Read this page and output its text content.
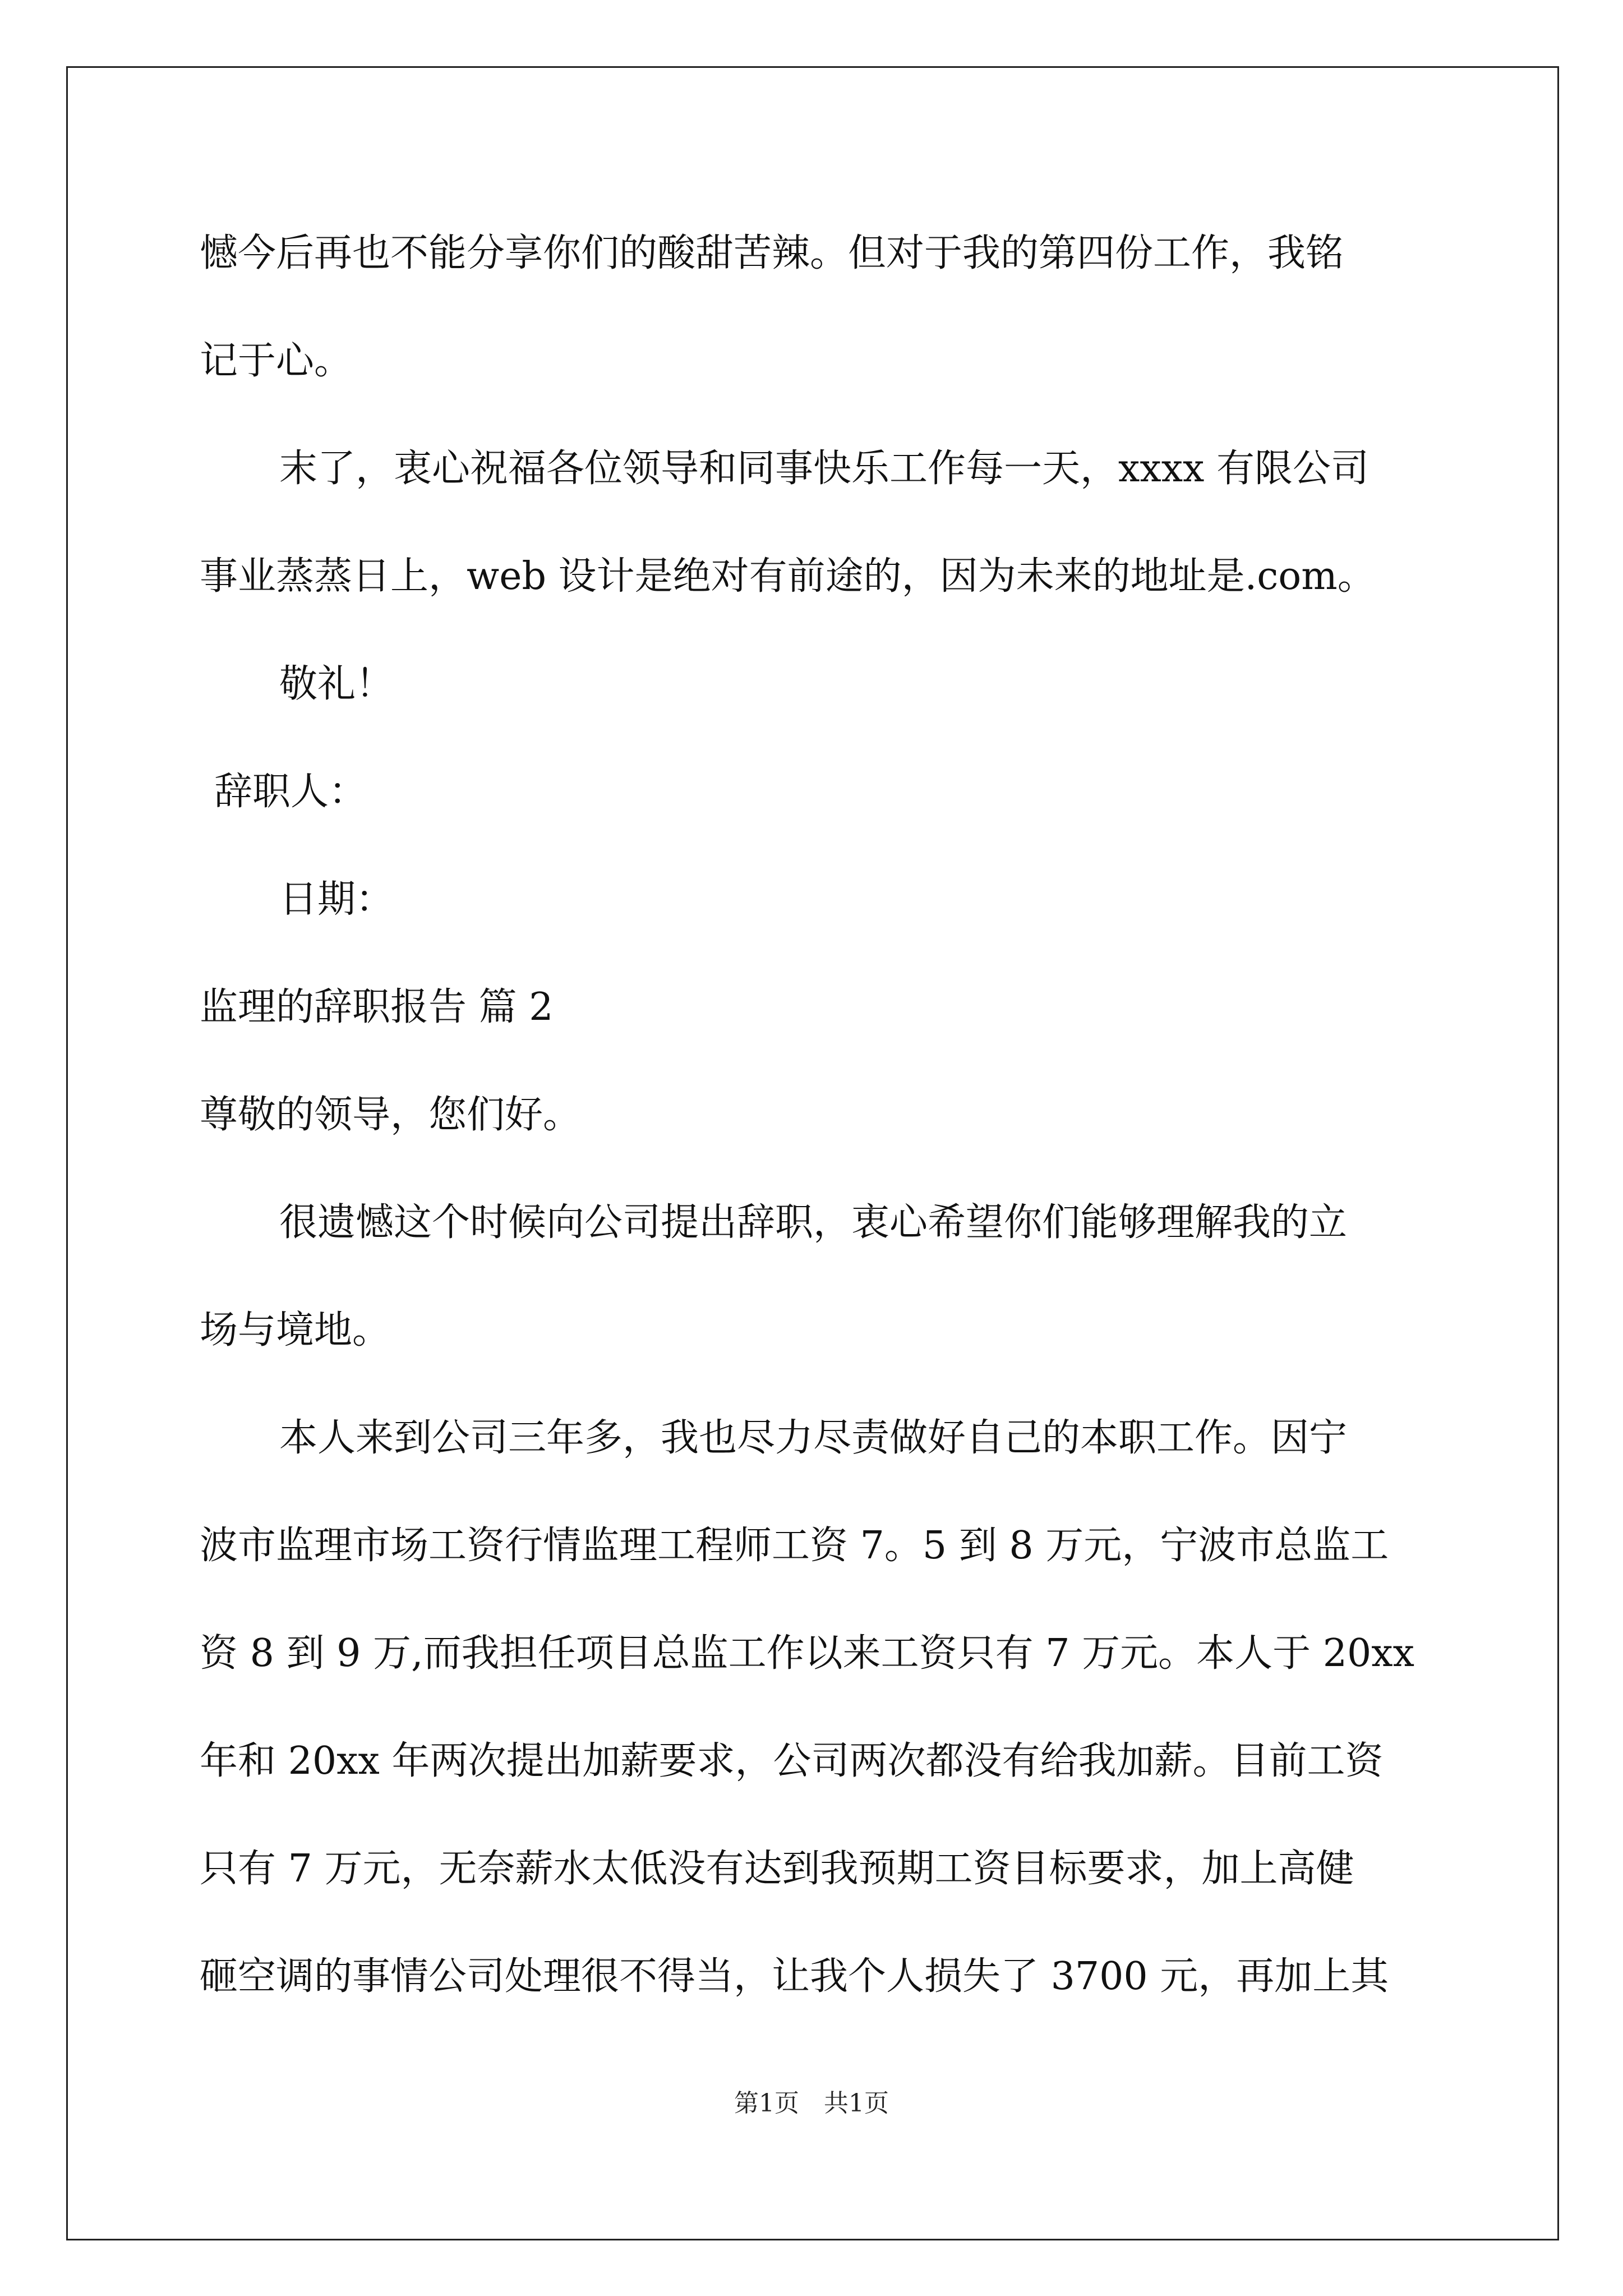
憾今后再也不能分享你们的酸甜苦辣。但对于我的第四份工作，我铭
记于心。
末了，衷心祝福各位领导和同事快乐工作每一天，xxxx 有限公司
事业蒸蒸日上，web 设计是绝对有前途的，因为未来的地址是.com。
敬礼！
辞职人：
日期：
监理的辞职报告 篇 2
尊敬的领导，您们好。
很遗憾这个时候向公司提出辞职，衷心希望你们能够理解我的立
场与境地。
本人来到公司三年多，我也尽力尽责做好自己的本职工作。因宁
波市监理市场工资行情监理工程师工资 7。5 到 8 万元，宁波市总监工
资 8 到 9 万,而我担任项目总监工作以来工资只有 7 万元。本人于 20xx
年和 20xx 年两次提出加薪要求，公司两次都没有给我加薪。目前工资
只有 7 万元，无奈薪水太低没有达到我预期工资目标要求，加上高健
砸空调的事情公司处理很不得当，让我个人损失了 3700 元，再加上其
第1页　共1页
